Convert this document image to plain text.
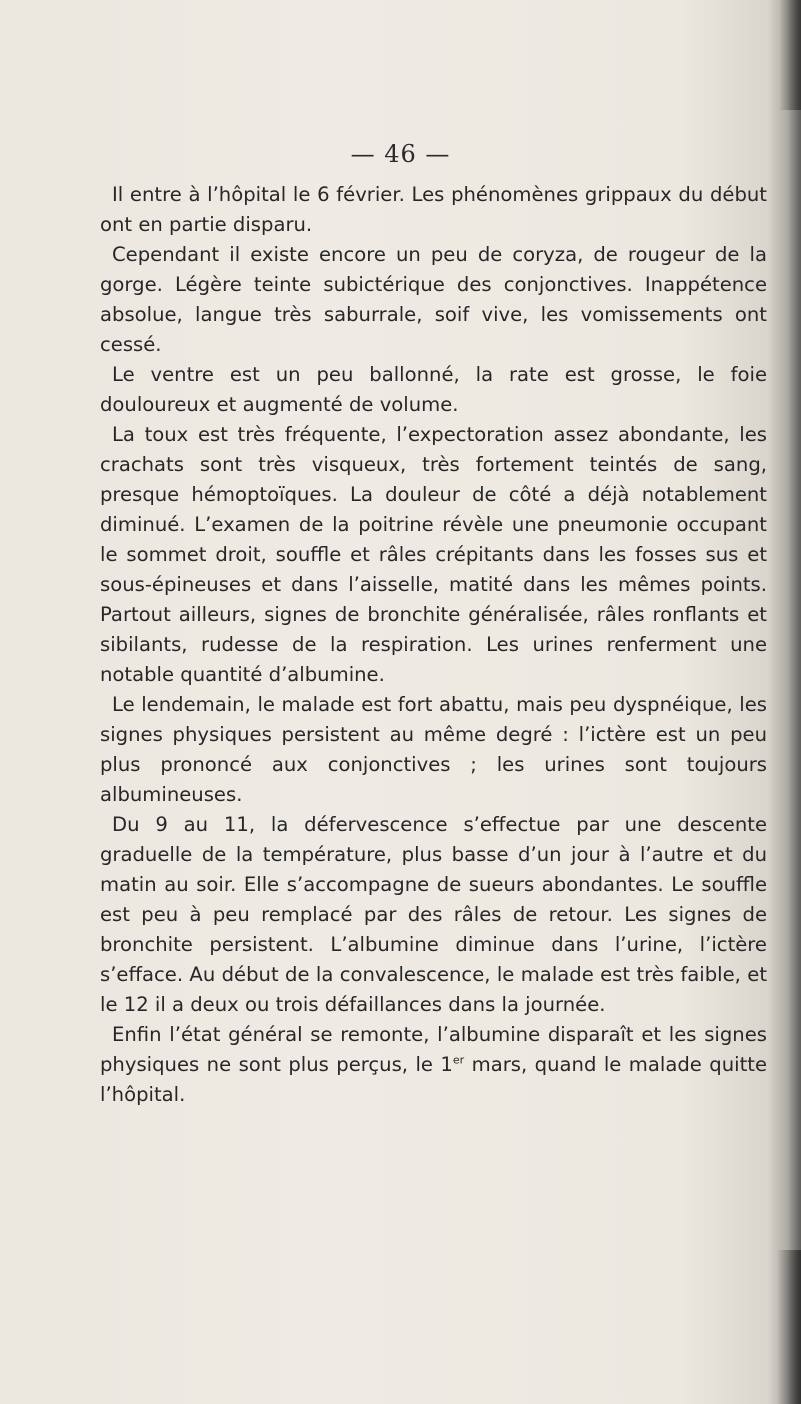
— 46 —

Il entre à l’hôpital le 6 février. Les phénomènes grippaux du début ont en partie disparu.

Cependant il existe encore un peu de coryza, de rougeur de la gorge. Légère teinte subictérique des conjonctives. Inappétence absolue, langue très saburrale, soif vive, les vomissements ont cessé.

Le ventre est un peu ballonné, la rate est grosse, le foie douloureux et augmenté de volume.

La toux est très fréquente, l’expectoration assez abondante, les crachats sont très visqueux, très fortement teintés de sang, presque hémoptoïques. La douleur de côté a déjà notablement diminué. L’examen de la poitrine révèle une pneumonie occupant le sommet droit, souffle et râles crépitants dans les fosses sus et sous-épineuses et dans l’aisselle, matité dans les mêmes points. Partout ailleurs, signes de bronchite généralisée, râles ronflants et sibilants, rudesse de la respiration. Les urines renferment une notable quantité d’albumine.

Le lendemain, le malade est fort abattu, mais peu dyspnéique, les signes physiques persistent au même degré : l’ictère est un peu plus prononcé aux conjonctives ; les urines sont toujours albumineuses.

Du 9 au 11, la défervescence s’effectue par une descente graduelle de la température, plus basse d’un jour à l’autre et du matin au soir. Elle s’accompagne de sueurs abondantes. Le souffle est peu à peu remplacé par des râles de retour. Les signes de bronchite persistent. L’albumine diminue dans l’urine, l’ictère s’efface. Au début de la convalescence, le malade est très faible, et le 12 il a deux ou trois défaillances dans la journée.

Enfin l’état général se remonte, l’albumine disparaît et les signes physiques ne sont plus perçus, le 1er mars, quand le malade quitte l’hôpital.
